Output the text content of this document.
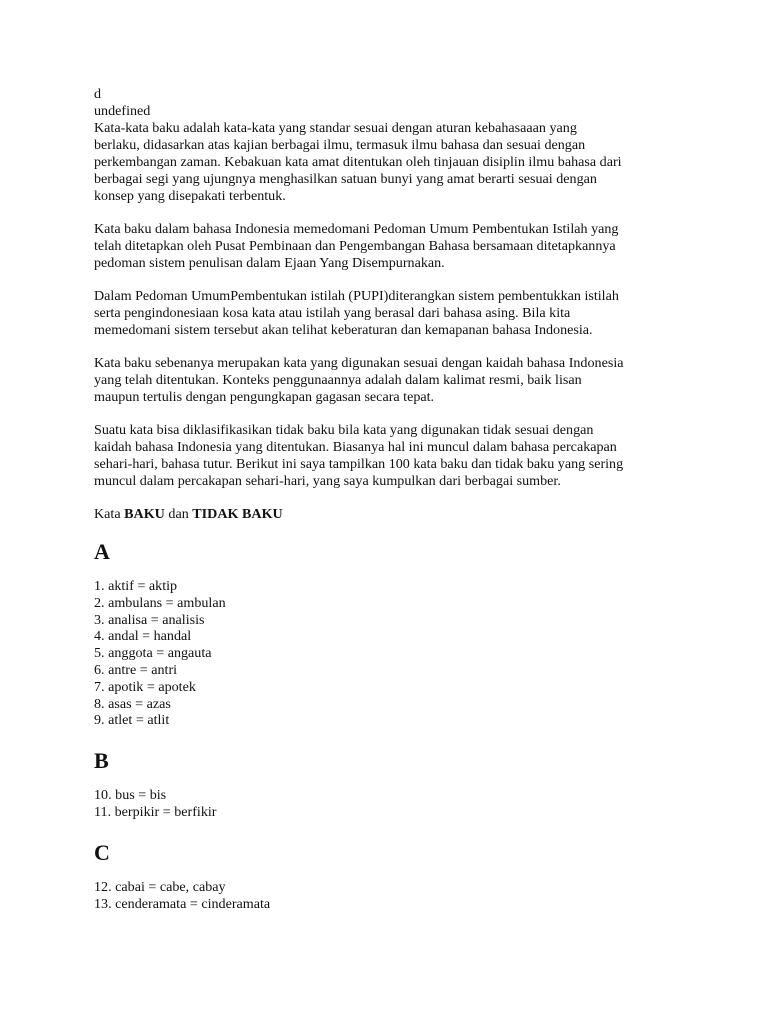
d
undefined
Kata-kata baku adalah kata-kata yang standar sesuai dengan aturan kebahasaaan yang
berlaku, didasarkan atas kajian berbagai ilmu, termasuk ilmu bahasa dan sesuai dengan
perkembangan zaman. Kebakuan kata amat ditentukan oleh tinjauan disiplin ilmu bahasa dari
berbagai segi yang ujungnya menghasilkan satuan bunyi yang amat berarti sesuai dengan
konsep yang disepakati terbentuk.
Kata baku dalam bahasa Indonesia memedomani Pedoman Umum Pembentukan Istilah yang
telah ditetapkan oleh Pusat Pembinaan dan Pengembangan Bahasa bersamaan ditetapkannya
pedoman sistem penulisan dalam Ejaan Yang Disempurnakan.
Dalam Pedoman UmumPembentukan istilah (PUPI)diterangkan sistem pembentukkan istilah
serta pengindonesiaan kosa kata atau istilah yang berasal dari bahasa asing. Bila kita
memedomani sistem tersebut akan telihat keberaturan dan kemapanan bahasa Indonesia.
Kata baku sebenanya merupakan kata yang digunakan sesuai dengan kaidah bahasa Indonesia
yang telah ditentukan. Konteks penggunaannya adalah dalam kalimat resmi, baik lisan
maupun tertulis dengan pengungkapan gagasan secara tepat.
Suatu kata bisa diklasifikasikan tidak baku bila kata yang digunakan tidak sesuai dengan
kaidah bahasa Indonesia yang ditentukan. Biasanya hal ini muncul dalam bahasa percakapan
sehari-hari, bahasa tutur. Berikut ini saya tampilkan 100 kata baku dan tidak baku yang sering
muncul dalam percakapan sehari-hari, yang saya kumpulkan dari berbagai sumber.
Kata BAKU dan TIDAK BAKU
A
1. aktif = aktip
2. ambulans = ambulan
3. analisa = analisis
4. andal = handal
5. anggota = angauta
6. antre = antri
7. apotik = apotek
8. asas = azas
9. atlet = atlit
B
10. bus = bis
11. berpikir = berfikir
C
12. cabai = cabe, cabay
13. cenderamata = cinderamata
